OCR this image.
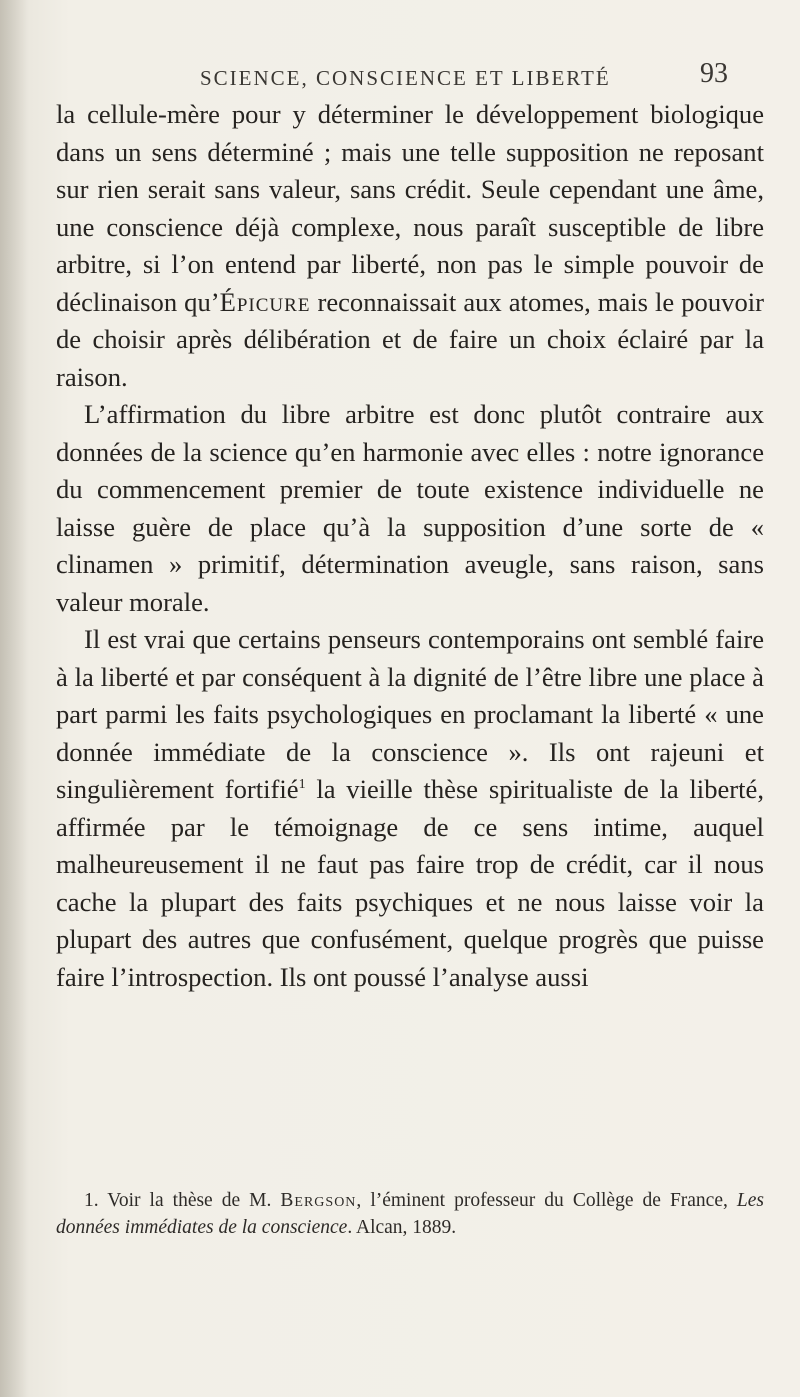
SCIENCE, CONSCIENCE ET LIBERTÉ	93

la cellule-mère pour y déterminer le développement biologique dans un sens déterminé ; mais une telle supposition ne reposant sur rien serait sans valeur, sans crédit. Seule cependant une âme, une conscience déjà complexe, nous paraît susceptible de libre arbitre, si l’on entend par liberté, non pas le simple pouvoir de déclinaison qu’Épicure reconnaissait aux atomes, mais le pouvoir de choisir après délibération et de faire un choix éclairé par la raison.

L’affirmation du libre arbitre est donc plutôt contraire aux données de la science qu’en harmonie avec elles : notre ignorance du commencement premier de toute existence individuelle ne laisse guère de place qu’à la supposition d’une sorte de « clinamen » primitif, détermination aveugle, sans raison, sans valeur morale.

Il est vrai que certains penseurs contemporains ont semblé faire à la liberté et par conséquent à la dignité de l’être libre une place à part parmi les faits psychologiques en proclamant la liberté « une donnée immédiate de la conscience ». Ils ont rajeuni et singulièrement fortifié$^1$ la vieille thèse spiritualiste de la liberté, affirmée par le témoignage de ce sens intime, auquel malheureusement il ne faut pas faire trop de crédit, car il nous cache la plupart des faits psychiques et ne nous laisse voir la plupart des autres que confusément, quelque progrès que puisse faire l’introspection. Ils ont poussé l’analyse aussi

1. Voir la thèse de M. Bergson, l’éminent professeur du Collège de France, Les données immédiates de la conscience. Alcan, 1889.
